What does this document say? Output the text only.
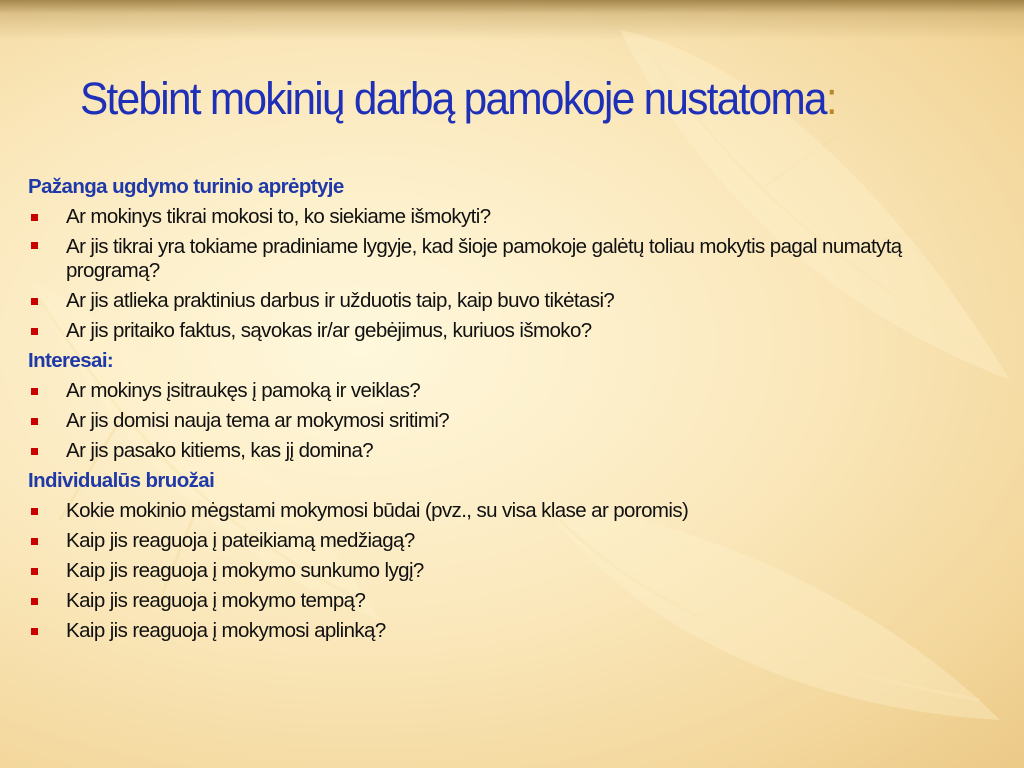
Stebint mokinių darbą pamokoje nustatoma:
Pažanga ugdymo turinio aprėptyje
Ar mokinys tikrai mokosi to, ko siekiame išmokyti?
Ar jis tikrai yra tokiame pradiniame lygyje, kad šioje pamokoje galėtų toliau mokytis pagal numatytą programą?
Ar jis atlieka praktinius darbus ir užduotis taip, kaip buvo tikėtasi?
Ar jis pritaiko faktus, sąvokas ir/ar gebėjimus, kuriuos išmoko?
Interesai:
Ar mokinys įsitraukęs į pamoką ir veiklas?
Ar jis domisi nauja tema ar mokymosi sritimi?
Ar jis pasako kitiems, kas jį domina?
Individualūs bruožai
Kokie mokinio mėgstami mokymosi būdai (pvz., su visa klase ar poromis)
Kaip jis reaguoja į pateikiamą medžiagą?
Kaip jis reaguoja į mokymo sunkumo lygį?
Kaip jis reaguoja į mokymo tempą?
Kaip jis reaguoja į mokymosi aplinką?
